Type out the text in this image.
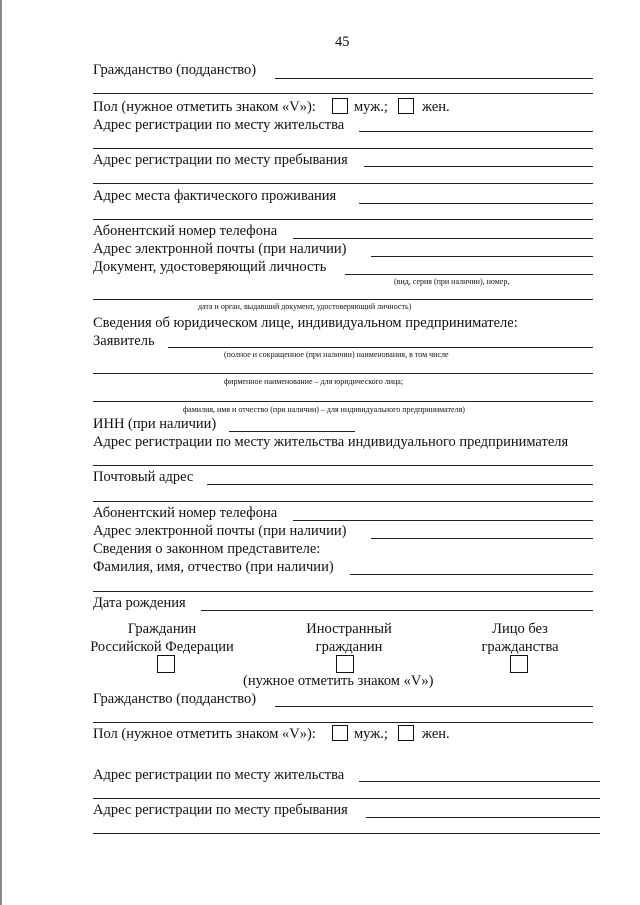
45
Гражданство (подданство)
Пол (нужное отметить знаком «V»):	муж.; жен.
Адрес регистрации по месту жительства
Адрес регистрации по месту пребывания
Адрес места фактического проживания
Абонентский номер телефона
Адрес электронной почты (при наличии)
Документ, удостоверяющий личность
(вид, серия (при наличии), номер,
дата и орган, выдавший документ, удостоверяющий личность)
Сведения об юридическом лице, индивидуальном предпринимателе:
Заявитель
(полное и сокращенное (при наличии) наименования, в том числе
фирменное наименование – для юридического лица;
фамилия, имя и отчество (при наличии) – для индивидуального предпринимателя)
ИНН (при наличии)
Адрес регистрации по месту жительства индивидуального предпринимателя
Почтовый адрес
Абонентский номер телефона
Адрес электронной почты (при наличии)
Сведения о законном представителе:
Фамилия, имя, отчество (при наличии)
Дата рождения
Гражданин
Российской Федерации
Иностранный
гражданин
Лицо без
гражданства
(нужное отметить знаком «V»)
Гражданство (подданство)
Пол (нужное отметить знаком «V»):	муж.; жен.
Адрес регистрации по месту жительства
Адрес регистрации по месту пребывания
